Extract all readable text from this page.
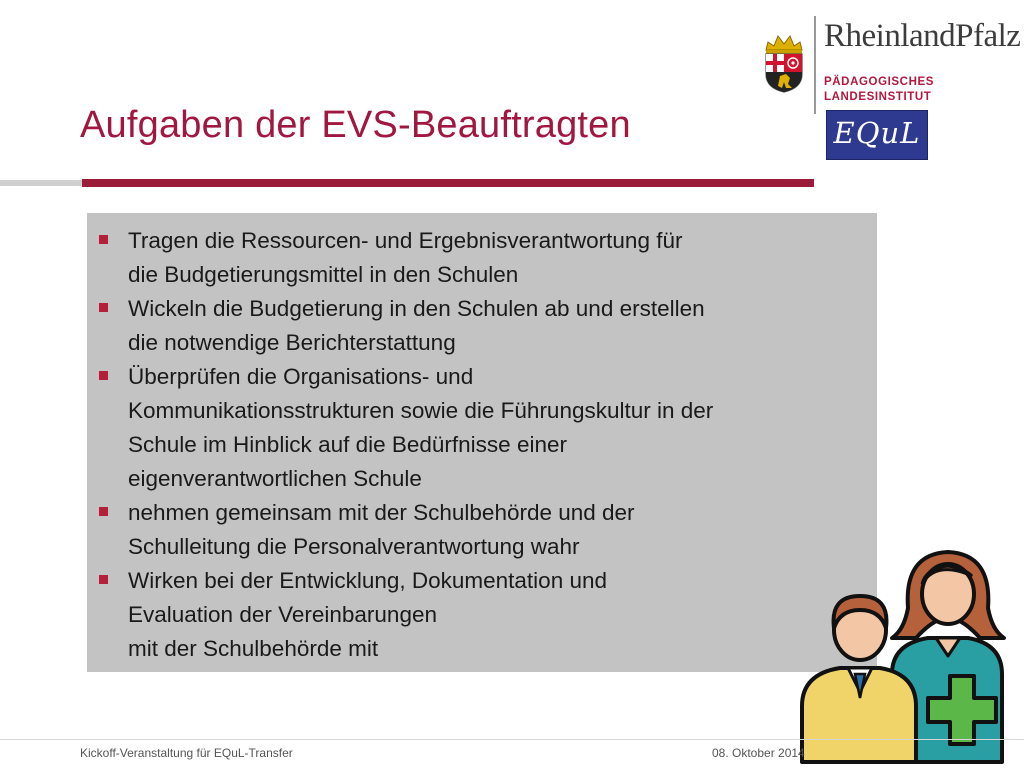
Aufgaben der EVS-Beauftragten

RheinlandPfalz

PÄDAGOGISCHES

LANDESINSTITUT

EQuL

Tragen die Ressourcen- und Ergebnisverantwortung für
die Budgetierungsmittel in den Schulen
Wickeln die Budgetierung in den Schulen ab und erstellen
die notwendige Berichterstattung
Überprüfen die Organisations- und
Kommunikationsstrukturen sowie die Führungskultur in der
Schule im Hinblick auf die Bedürfnisse einer
eigenverantwortlichen Schule
nehmen gemeinsam mit der Schulbehörde und der
Schulleitung die Personalverantwortung wahr
Wirken bei der Entwicklung, Dokumentation und
Evaluation der Vereinbarungen
mit der Schulbehörde mit

Kickoff-Veranstaltung für EQuL-Transfer	08. Oktober 2014
